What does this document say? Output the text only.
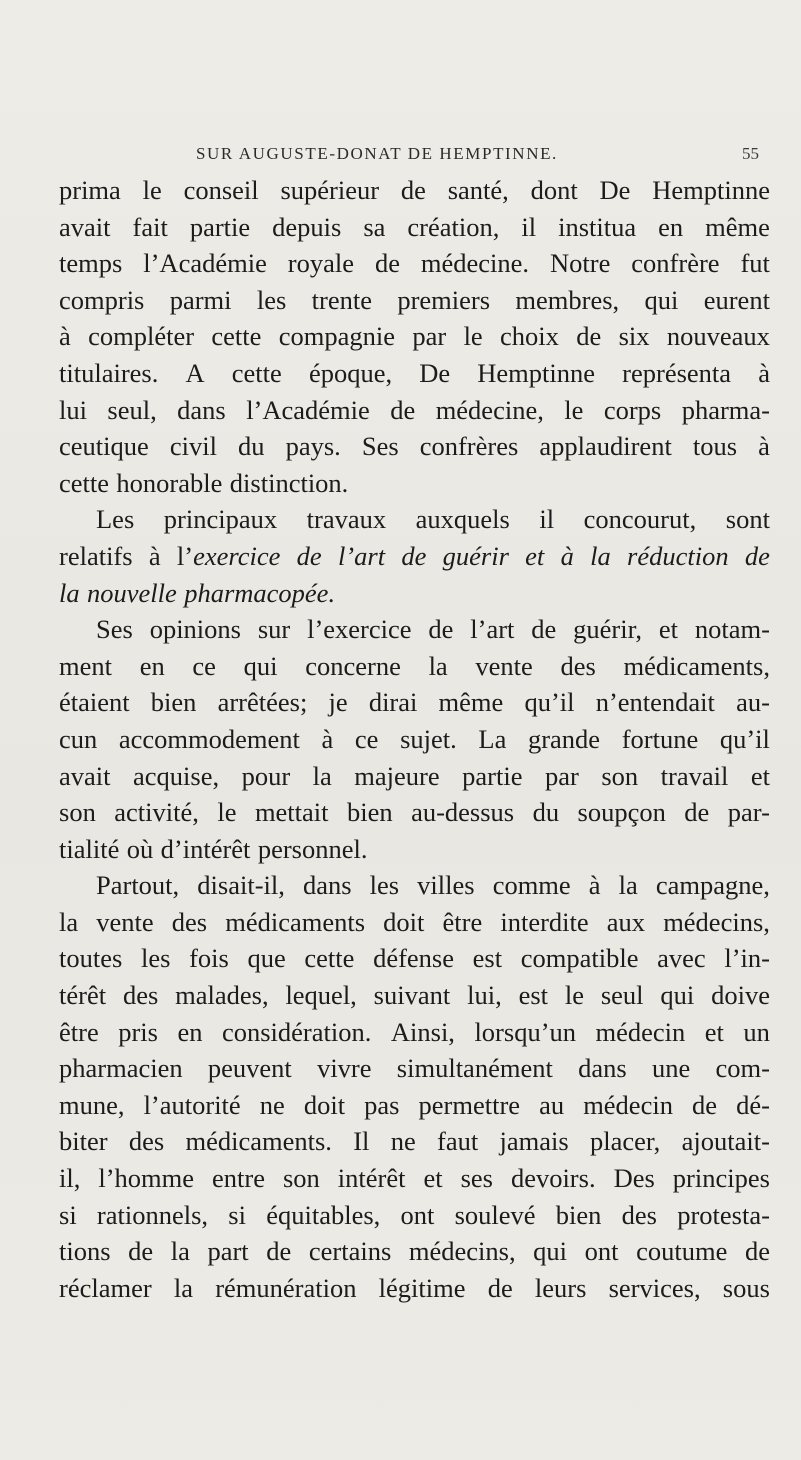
SUR AUGUSTE-DONAT DE HEMPTINNE.	55
prima le conseil supérieur de santé, dont De Hemptinne
avait fait partie depuis sa création, il institua en même
temps l’Académie royale de médecine. Notre confrère fut
compris parmi les trente premiers membres, qui eurent
à compléter cette compagnie par le choix de six nouveaux
titulaires. A cette époque, De Hemptinne représenta à
lui seul, dans l’Académie de médecine, le corps pharma-
ceutique civil du pays. Ses confrères applaudirent tous à
cette honorable distinction.
Les principaux travaux auxquels il concourut, sont
relatifs à l’exercice de l’art de guérir et à la réduction de
la nouvelle pharmacopée.
Ses opinions sur l’exercice de l’art de guérir, et notam-
ment en ce qui concerne la vente des médicaments,
étaient bien arrêtées; je dirai même qu’il n’entendait au-
cun accommodement à ce sujet. La grande fortune qu’il
avait acquise, pour la majeure partie par son travail et
son activité, le mettait bien au-dessus du soupçon de par-
tialité où d’intérêt personnel.
Partout, disait-il, dans les villes comme à la campagne,
la vente des médicaments doit être interdite aux médecins,
toutes les fois que cette défense est compatible avec l’in-
térêt des malades, lequel, suivant lui, est le seul qui doive
être pris en considération. Ainsi, lorsqu’un médecin et un
pharmacien peuvent vivre simultanément dans une com-
mune, l’autorité ne doit pas permettre au médecin de dé-
biter des médicaments. Il ne faut jamais placer, ajoutait-
il, l’homme entre son intérêt et ses devoirs. Des principes
si rationnels, si équitables, ont soulevé bien des protesta-
tions de la part de certains médecins, qui ont coutume de
réclamer la rémunération légitime de leurs services, sous
